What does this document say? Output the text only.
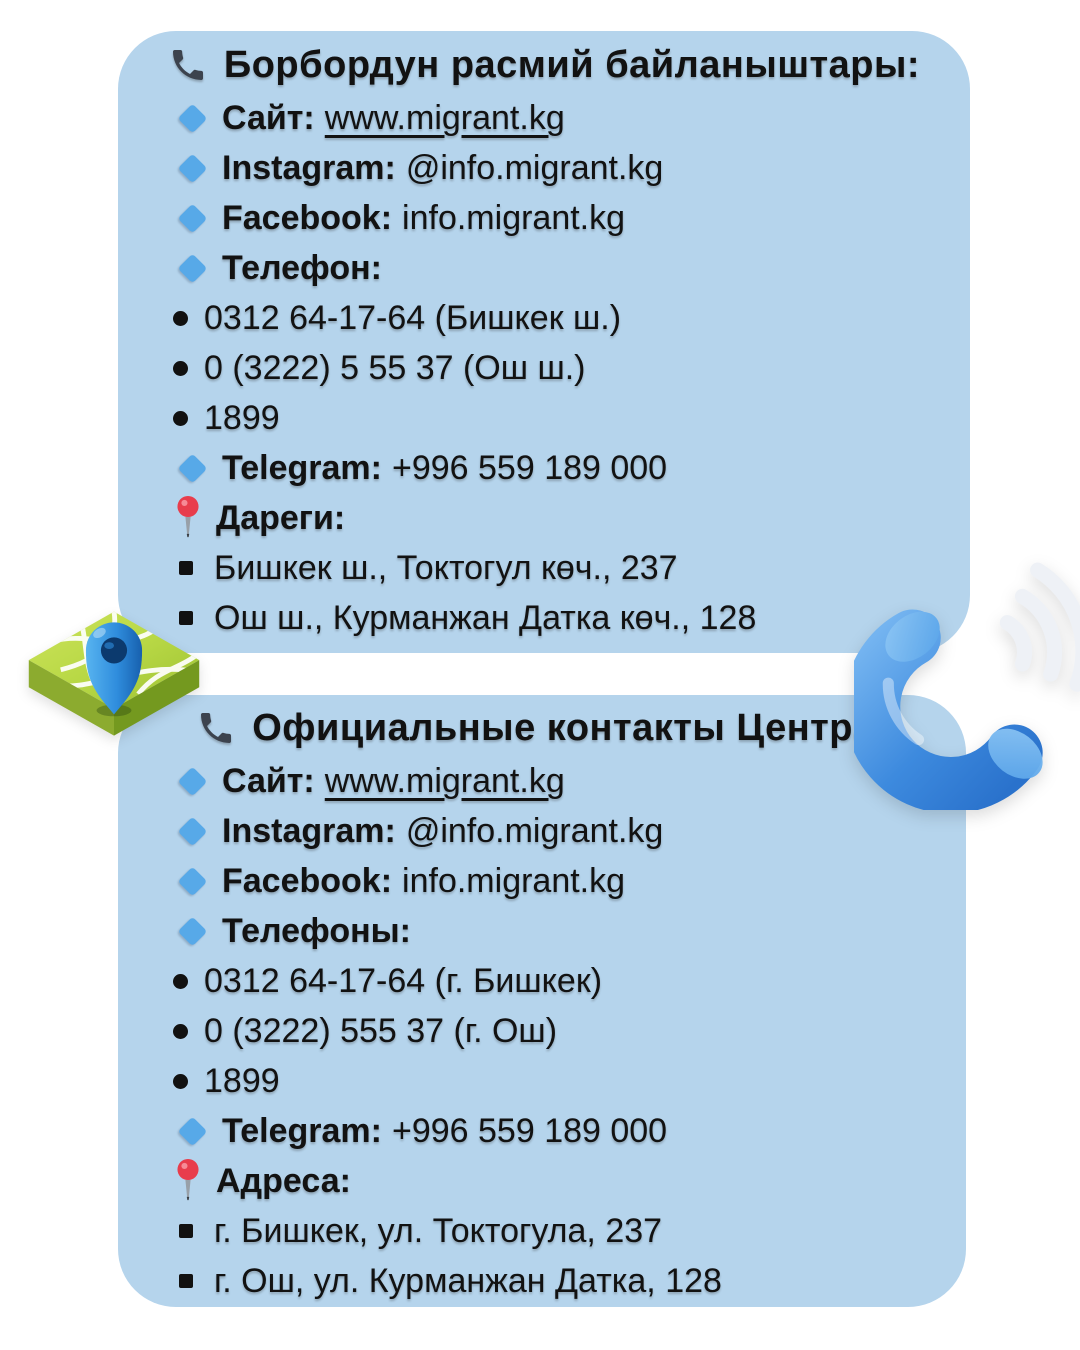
Борбордун расмий байланыштары:
Сайт: www.migrant.kg
Instagram: @info.migrant.kg
Facebook: info.migrant.kg
Телефон:
0312 64-17-64 (Бишкек ш.)
0 (3222) 5 55 37 (Ош ш.)
1899
Telegram: +996 559 189 000
Дареги:
Бишкек ш., Токтогул көч., 237
Ош ш., Курманжан Датка көч., 128
Официальные контакты Центра:
Сайт: www.migrant.kg
Instagram: @info.migrant.kg
Facebook: info.migrant.kg
Телефоны:
0312 64-17-64 (г. Бишкек)
0 (3222) 555 37 (г. Ош)
1899
Telegram: +996 559 189 000
Адреса:
г. Бишкек, ул. Токтогула, 237
г. Ош, ул. Курманжан Датка, 128
